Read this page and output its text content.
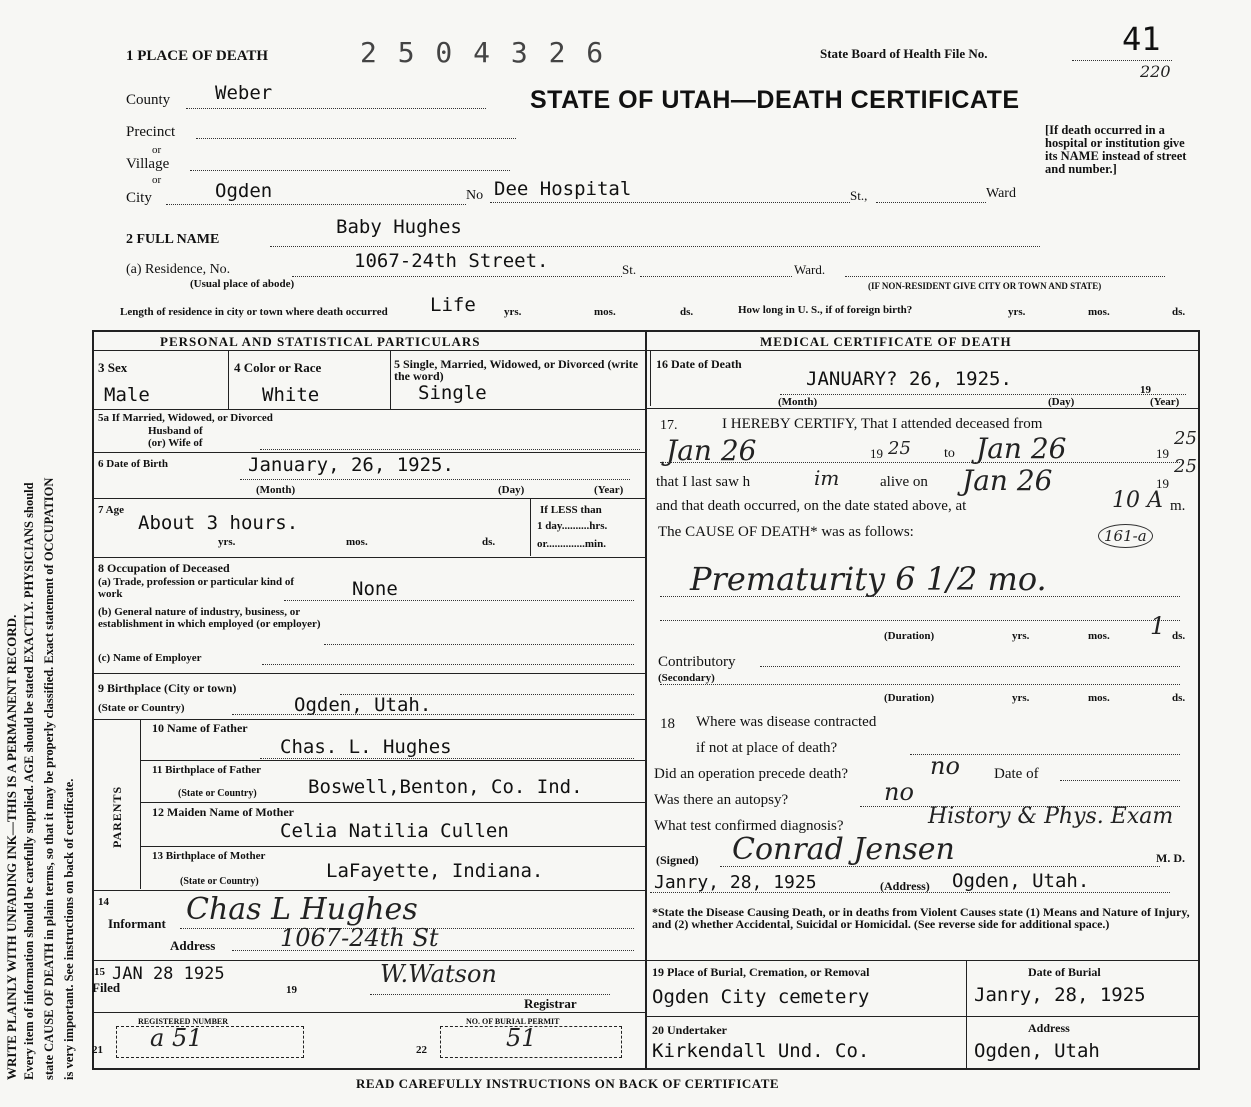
WRITE PLAINLY WITH UNFADING INK—THIS IS A PERMANENT RECORD. Every item of information should be carefully supplied. AGE should be stated EXACTLY. PHYSICIANS should state CAUSE OF DEATH in plain terms, so that it may be properly classified. Exact statement of OCCUPATION is very important. See instructions on back of certificate.
1 PLACE OF DEATH	2 5 0 4 3 2 6	State Board of Health File No.	41
220
STATE OF UTAH—DEATH CERTIFICATE
County Weber
Precinct
or
Village
or
City	Ogden	No Dee Hospital	St.,	Ward
[If death occurred in a hospital or institution give its NAME instead of street and number.]
2 FULL NAME
Baby Hughes
(a) Residence, No.	1067-24th Street.	St.
(Usual place of abode)
Ward.
(IF NON-RESIDENT GIVE CITY OR TOWN AND STATE)
Length of residence in city or town where death occurred Life	yrs.	mos.	ds.	How long in U. S., if of foreign birth?	yrs.	mos.	ds.
PERSONAL AND STATISTICAL PARTICULARS
3 Sex
Male
4 Color or Race
White
5 Single, Married, Widowed, or Divorced (write the word)
Single
5a If Married, Widowed, or Divorced
Husband of
(or) Wife of
6 Date of Birth	January, 26, 1925.
(Month)	(Day)	(Year)
7 Age
About 3 hours.
yrs.	mos.	ds.
If LESS than
1 day..........hrs.
or..............min.
8 Occupation of Deceased
(a) Trade, profession or particular kind of work	None
(b) General nature of industry, business, or establishment in which employed (or employer)
(c) Name of Employer
9 Birthplace (City or town)
(State or Country)	Ogden, Utah.
PARENTS
10 Name of Father
Chas. L. Hughes
11 Birthplace of Father
(State or Country)	Boswell,Benton, Co. Ind.
12 Maiden Name of Mother
Celia Natilia Cullen
13 Birthplace of Mother
(State or Country)	LaFayette, Indiana.
14
Informant Chas L Hughes
Address	1067-24th St
15
Filed
JAN 28 1925
19
W.Watson
Registrar
REGISTERED NUMBER
21 a 51
NO. OF BURIAL PERMIT
22	51
MEDICAL CERTIFICATE OF DEATH
16 Date of Death
JANUARY? 26, 1925.	19
(Month)	(Day)	(Year)
17.	I HEREBY CERTIFY, That I attended deceased from
Jan 26	19 25 to Jan 26	19
25
that I last saw h	im	alive on Jan 26	19
25
and that death occurred, on the date stated above, at	10 A m.
The CAUSE OF DEATH* was as follows:	161-a
Prematurity 6 1/2 mo.
(Duration)	yrs.	mos. 1 ds.
Contributory
(Secondary)
(Duration)	yrs.	mos.	ds.
18 Where was disease contracted
if not at place of death?
Did an operation precede death?	no Date of
Was there an autopsy?	no
What test confirmed diagnosis?	History & Phys. Exam
(Signed) Conrad Jensen	M. D.
Janry, 28, 1925	(Address) Ogden, Utah.
*State the Disease Causing Death, or in deaths from Violent Causes state (1) Means and Nature of Injury, and (2) whether Accidental, Suicidal or Homicidal. (See reverse side for additional space.)
19 Place of Burial, Cremation, or Removal
Ogden City cemetery
Date of Burial
Janry, 28, 1925
20 Undertaker
Kirkendall Und. Co.
Address
Ogden, Utah
READ CAREFULLY INSTRUCTIONS ON BACK OF CERTIFICATE
